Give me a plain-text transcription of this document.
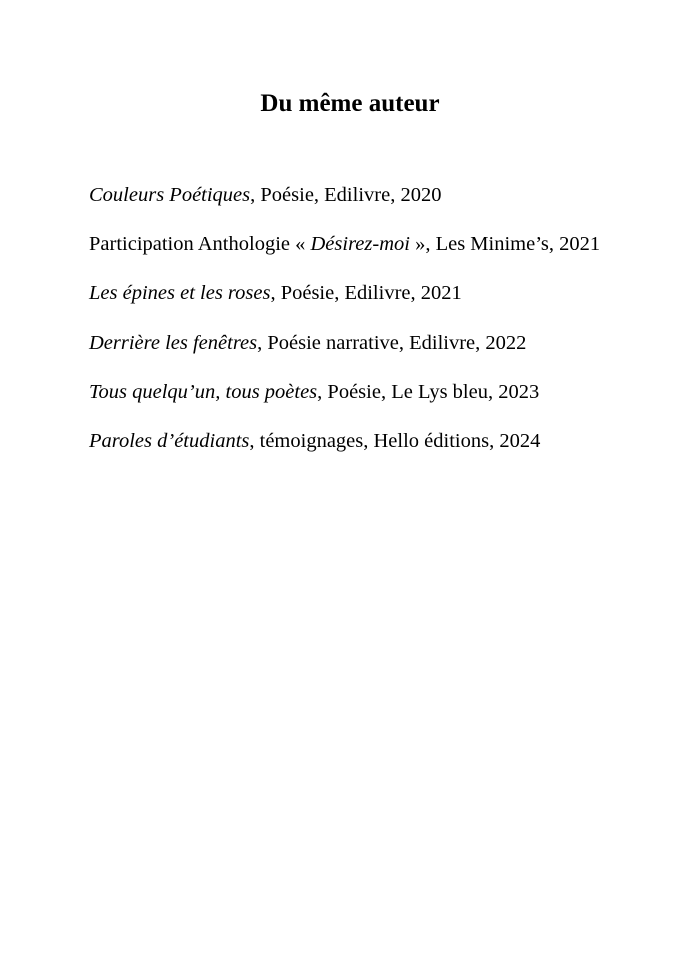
Du même auteur
Couleurs Poétiques, Poésie, Edilivre, 2020
Participation Anthologie « Désirez-moi », Les Minime’s, 2021
Les épines et les roses, Poésie, Edilivre, 2021
Derrière les fenêtres, Poésie narrative, Edilivre, 2022
Tous quelqu’un, tous poètes, Poésie, Le Lys bleu, 2023
Paroles d’étudiants, témoignages, Hello éditions, 2024
